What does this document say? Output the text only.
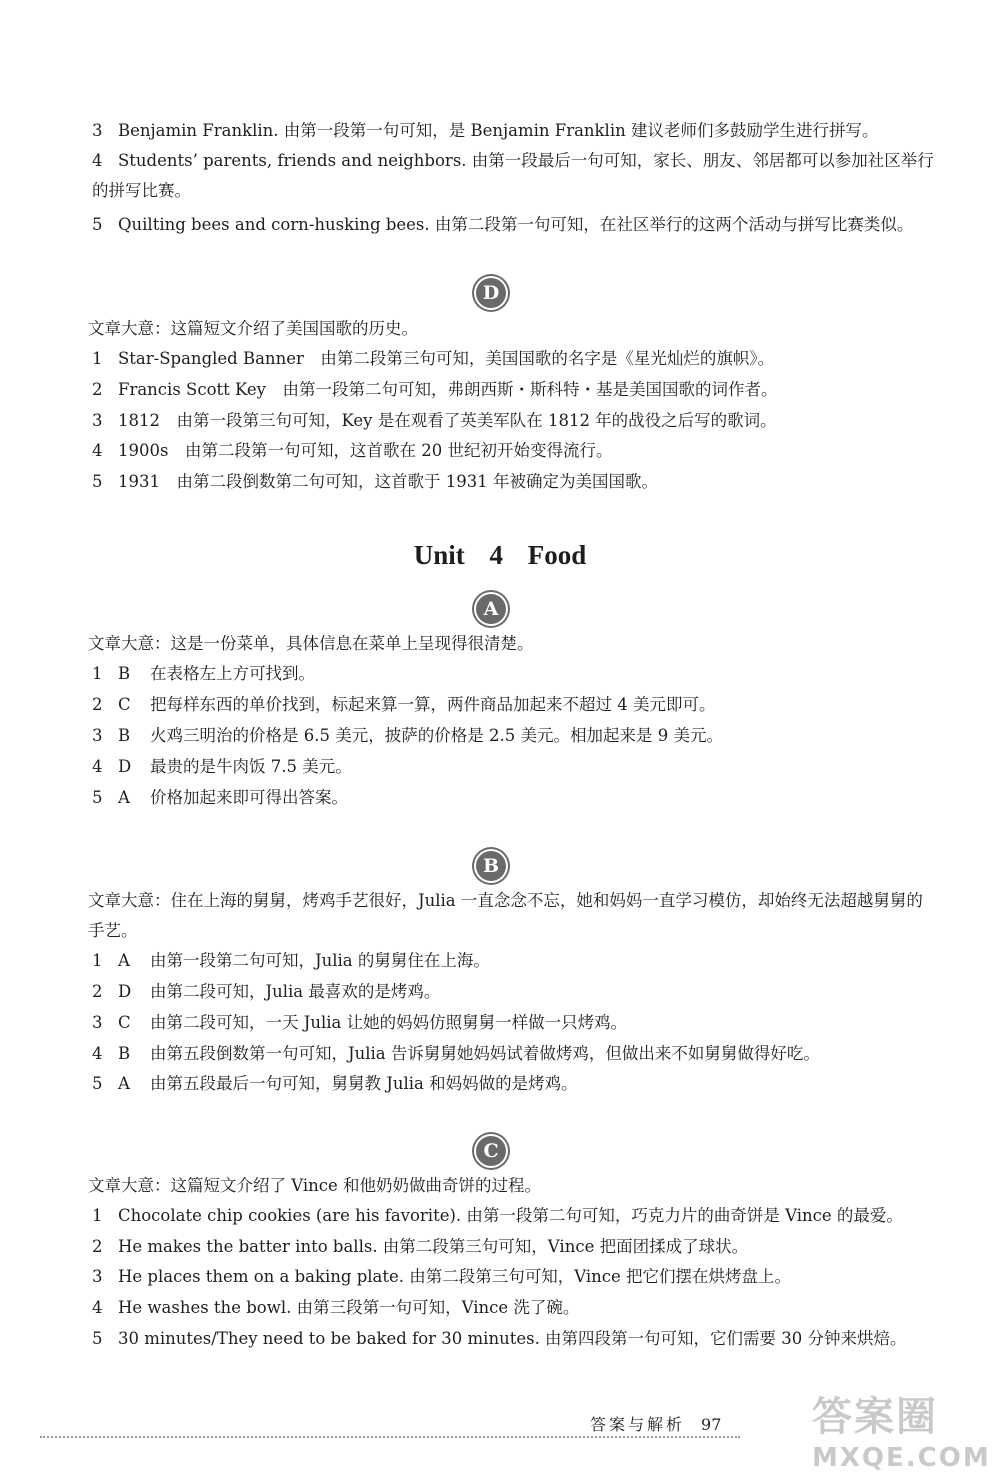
3 Benjamin Franklin. 由第一段第一句可知，是 Benjamin Franklin 建议老师们多鼓励学生进行拼写。
4 Students’ parents, friends and neighbors. 由第一段最后一句可知，家长、朋友、邻居都可以参加社区举行的拼写比赛。
5 Quilting bees and corn-husking bees. 由第二段第一句可知，在社区举行的这两个活动与拼写比赛类似。
D
文章大意：这篇短文介绍了美国国歌的历史。
1 Star-Spangled Banner　由第二段第三句可知，美国国歌的名字是《星光灿烂的旗帜》。
2 Francis Scott Key　由第一段第二句可知，弗朗西斯・斯科特・基是美国国歌的词作者。
3 1812　由第一段第三句可知，Key 是在观看了英美军队在 1812 年的战役之后写的歌词。
4 1900s　由第二段第一句可知，这首歌在 20 世纪初开始变得流行。
5 1931　由第二段倒数第二句可知，这首歌于 1931 年被确定为美国国歌。
Unit 4 Food
A
文章大意：这是一份菜单，具体信息在菜单上呈现得很清楚。
1 B 在表格左上方可找到。
2 C 把每样东西的单价找到，标起来算一算，两件商品加起来不超过 4 美元即可。
3 B 火鸡三明治的价格是 6.5 美元，披萨的价格是 2.5 美元。相加起来是 9 美元。
4 D 最贵的是牛肉饭 7.5 美元。
5 A 价格加起来即可得出答案。
B
文章大意：住在上海的舅舅，烤鸡手艺很好，Julia 一直念念不忘，她和妈妈一直学习模仿，却始终无法超越舅舅的手艺。
1 A 由第一段第二句可知，Julia 的舅舅住在上海。
2 D 由第二段可知，Julia 最喜欢的是烤鸡。
3 C 由第二段可知，一天 Julia 让她的妈妈仿照舅舅一样做一只烤鸡。
4 B 由第五段倒数第一句可知，Julia 告诉舅舅她妈妈试着做烤鸡，但做出来不如舅舅做得好吃。
5 A 由第五段最后一句可知，舅舅教 Julia 和妈妈做的是烤鸡。
C
文章大意：这篇短文介绍了 Vince 和他奶奶做曲奇饼的过程。
1 Chocolate chip cookies (are his favorite). 由第一段第二句可知，巧克力片的曲奇饼是 Vince 的最爱。
2 He makes the batter into balls. 由第二段第三句可知，Vince 把面团揉成了球状。
3 He places them on a baking plate. 由第二段第三句可知，Vince 把它们摆在烘烤盘上。
4 He washes the bowl. 由第三段第一句可知，Vince 洗了碗。
5 30 minutes/They need to be baked for 30 minutes. 由第四段第一句可知，它们需要 30 分钟来烘焙。
答案与解析 97 答案圈
MXQE.COM
